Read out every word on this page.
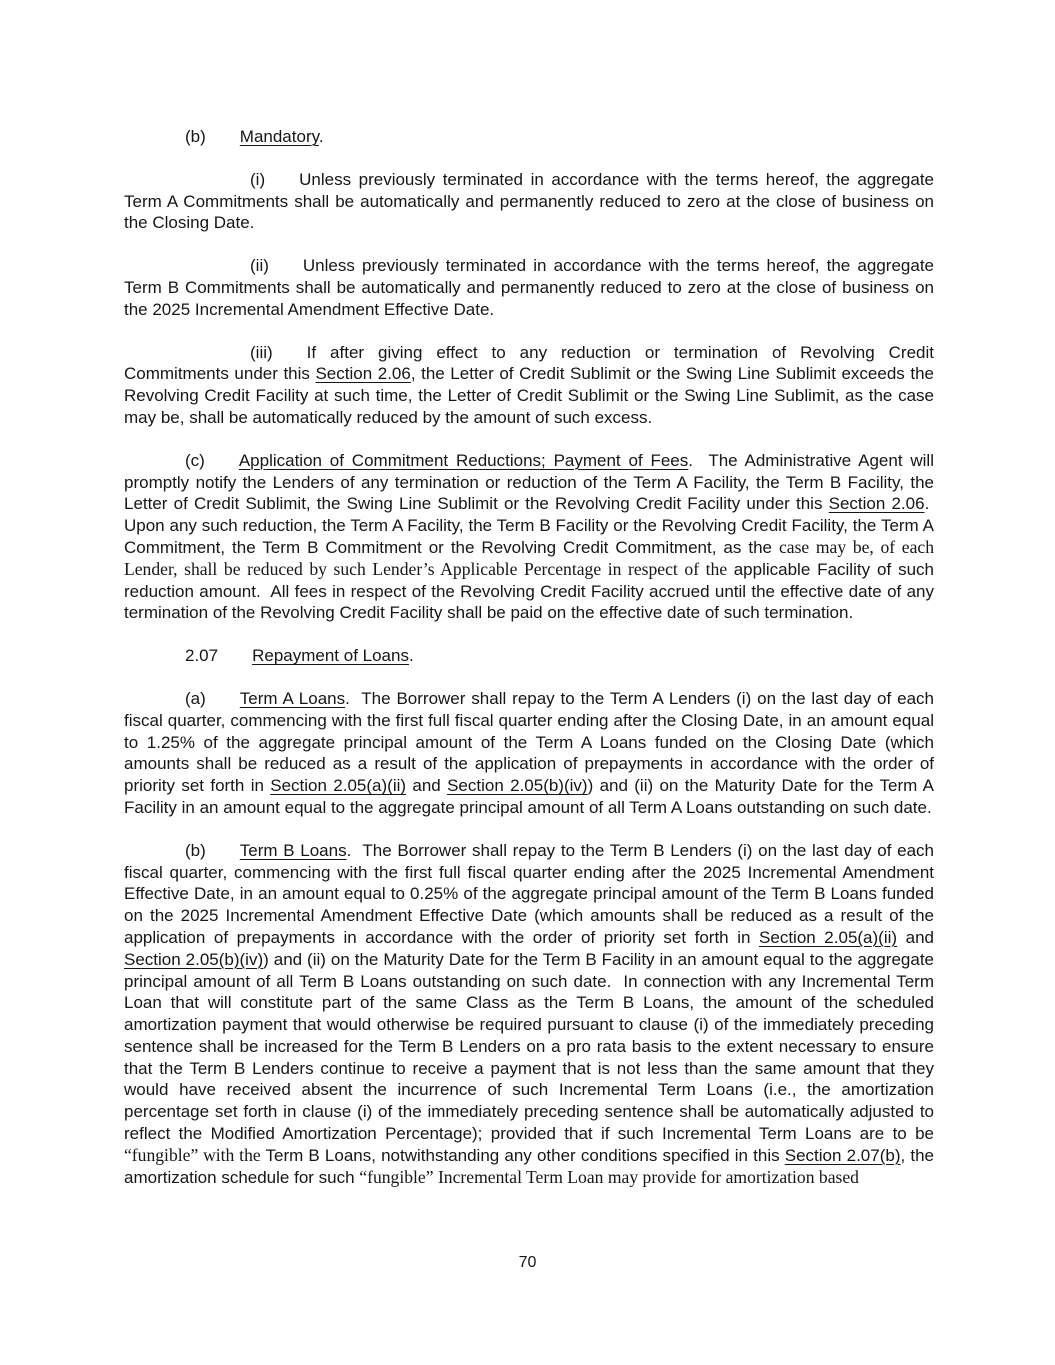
(b) Mandatory.

(i) Unless previously terminated in accordance with the terms hereof, the aggregate Term A Commitments shall be automatically and permanently reduced to zero at the close of business on the Closing Date.

(ii) Unless previously terminated in accordance with the terms hereof, the aggregate Term B Commitments shall be automatically and permanently reduced to zero at the close of business on the 2025 Incremental Amendment Effective Date.

(iii) If after giving effect to any reduction or termination of Revolving Credit Commitments under this Section 2.06, the Letter of Credit Sublimit or the Swing Line Sublimit exceeds the Revolving Credit Facility at such time, the Letter of Credit Sublimit or the Swing Line Sublimit, as the case may be, shall be automatically reduced by the amount of such excess.

(c) Application of Commitment Reductions; Payment of Fees.  The Administrative Agent will promptly notify the Lenders of any termination or reduction of the Term A Facility, the Term B Facility, the Letter of Credit Sublimit, the Swing Line Sublimit or the Revolving Credit Facility under this Section 2.06.  Upon any such reduction, the Term A Facility, the Term B Facility or the Revolving Credit Facility, the Term A Commitment, the Term B Commitment or the Revolving Credit Commitment, as the case may be, of each Lender, shall be reduced by such Lender’s Applicable Percentage in respect of the applicable Facility of such reduction amount.  All fees in respect of the Revolving Credit Facility accrued until the effective date of any termination of the Revolving Credit Facility shall be paid on the effective date of such termination.

2.07 Repayment of Loans.

(a) Term A Loans.  The Borrower shall repay to the Term A Lenders (i) on the last day of each fiscal quarter, commencing with the first full fiscal quarter ending after the Closing Date, in an amount equal to 1.25% of the aggregate principal amount of the Term A Loans funded on the Closing Date (which amounts shall be reduced as a result of the application of prepayments in accordance with the order of priority set forth in Section 2.05(a)(ii) and Section 2.05(b)(iv)) and (ii) on the Maturity Date for the Term A Facility in an amount equal to the aggregate principal amount of all Term A Loans outstanding on such date.

(b) Term B Loans.  The Borrower shall repay to the Term B Lenders (i) on the last day of each fiscal quarter, commencing with the first full fiscal quarter ending after the 2025 Incremental Amendment Effective Date, in an amount equal to 0.25% of the aggregate principal amount of the Term B Loans funded on the 2025 Incremental Amendment Effective Date (which amounts shall be reduced as a result of the application of prepayments in accordance with the order of priority set forth in Section 2.05(a)(ii) and Section 2.05(b)(iv)) and (ii) on the Maturity Date for the Term B Facility in an amount equal to the aggregate principal amount of all Term B Loans outstanding on such date.  In connection with any Incremental Term Loan that will constitute part of the same Class as the Term B Loans, the amount of the scheduled amortization payment that would otherwise be required pursuant to clause (i) of the immediately preceding sentence shall be increased for the Term B Lenders on a pro rata basis to the extent necessary to ensure that the Term B Lenders continue to receive a payment that is not less than the same amount that they would have received absent the incurrence of such Incremental Term Loans (i.e., the amortization percentage set forth in clause (i) of the immediately preceding sentence shall be automatically adjusted to reflect the Modified Amortization Percentage); provided that if such Incremental Term Loans are to be “fungible” with the Term B Loans, notwithstanding any other conditions specified in this Section 2.07(b), the amortization schedule for such “fungible” Incremental Term Loan may provide for amortization based

70
